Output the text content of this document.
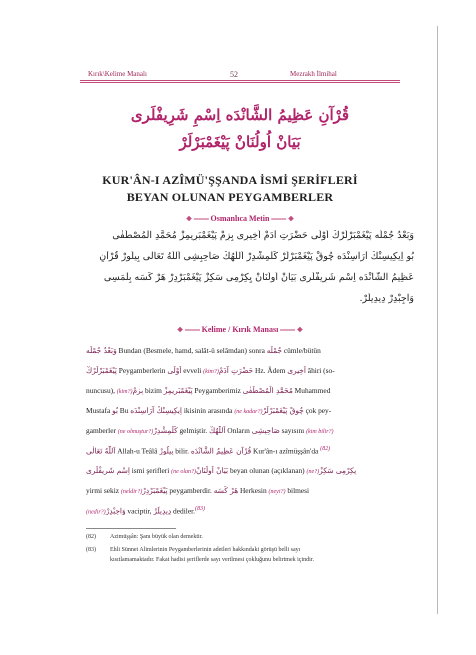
Kırık\Kelime Manalı	52	Mezrakh İlmihal
قُرْآنِ عَظِيمُ الشَّانْدَه اِسْمِ شَرِيفْلَرى
بَيَانْ اُولُنَانْ پَيْغَمْبَرْلَرْ
KUR'ÂN-I AZÎMÜ'ŞŞANDA İSMİ ŞERİFLERİ
BEYAN OLUNAN PEYGAMBERLER
❖ ═══ Osmanlıca Metin ═══ ❖
وَبَعْدُ جُمْلَه پَيْغَمْبَرْلَرْكْ اُوْلَى حَضْرَتِ آدَمْ اَخِيرِى بِزِمْ پَيْغَمْبَرِيمِزْ مُحَمَّدِ الْمُصْطَفٰى
بُو اِيكِيسِنْكْ آرَاسِنْدَه چُوقْ پَيْغَمْبَرْلَرْ كَلْمِشْدِرْ اَللّٰهُكْ صَاحِبِشِى اَللّٰهُ تَعَالٰى بِيلُورْ قُرْآنِ
عَظِيمُ الشَّانْدَه اِسْمِ شَرِيفْلَرى بَيَانْ اُولُنَانْ يِكِرْمِى سَكِزْ پَيْغَمْبَرْدِرْ هَرْ كَسَه بِلْمَسِى
وَاجِبْدِرْ دِيدِيلَرْ.
❖ ═══ Kelime / Kırık Manası ═══ ❖
وَبَعْدُ جُمْلَه Bundan (Besmele, hamd, salât-ü selâmdan) sonra جُمْلَه cümle/bütün
پَيْغَمْبَرْلَرْكْ Peygamberlerin اُوْلَى evveli (kim?)حَضْرَتِ آدَمْ Hz. Âdem اَخِيرِى âhiri (so-
nuncusu), (kim?)بِزِمْ bizim پَيْغَمْبَرِيمِزْ Peygamberimiz مُحَمَّدِ الْمُصْطَفٰى Muhammed
Mustafa بُو Bu اِيكِيسِنْكْ آرَاسِنْدَه ikisinin arasında (ne kadar?)چُوقْ پَيْغَمْبَرْلَرْ çok pey-
gamberler (ne olmuştur?)كَلْمِشْدِرْ gelmiştir. اَللّٰهُكْ Onların صَاحِبِشِى sayısını (kim bilir?)
اَللّٰهُ تَعَالٰى Allah-u Teâlâ بِيلُورْ bilir. قُرْآنِ عَظِيمُ الشَّانْدَه Kur'ân-ı azîmüşşân'da $^{(82)}$
اِسْمِ شَرِيفْلَرى ismi şerifleri (ne olan?)بَيَانْ اُولُنَانْ beyan olunan (açıklanan) (ne?)يِكِرْمِى سَكِزْ
yirmi sekiz (neldir?)پَيْغَمْبَرْدِرْ peygamberdir. هَرْ كَسَه Herkesin (neyi?) bilmesi
(nedir?)وَاجِبْدِرْ vaciptir, دِيدِيلَرْ dediler.$^{(83)}$
(82) Azimüşşân: Şanı büyük olan demektir.
(83) Ehli Sünnet Alimlerinin Peygamberlerinin adetleri hakkındaki görüşü belli sayı
kısıtlamamaktadır. Fakat hadisi şeriflerde sayı verilmesi çokluğunu belirtmek içindir.
